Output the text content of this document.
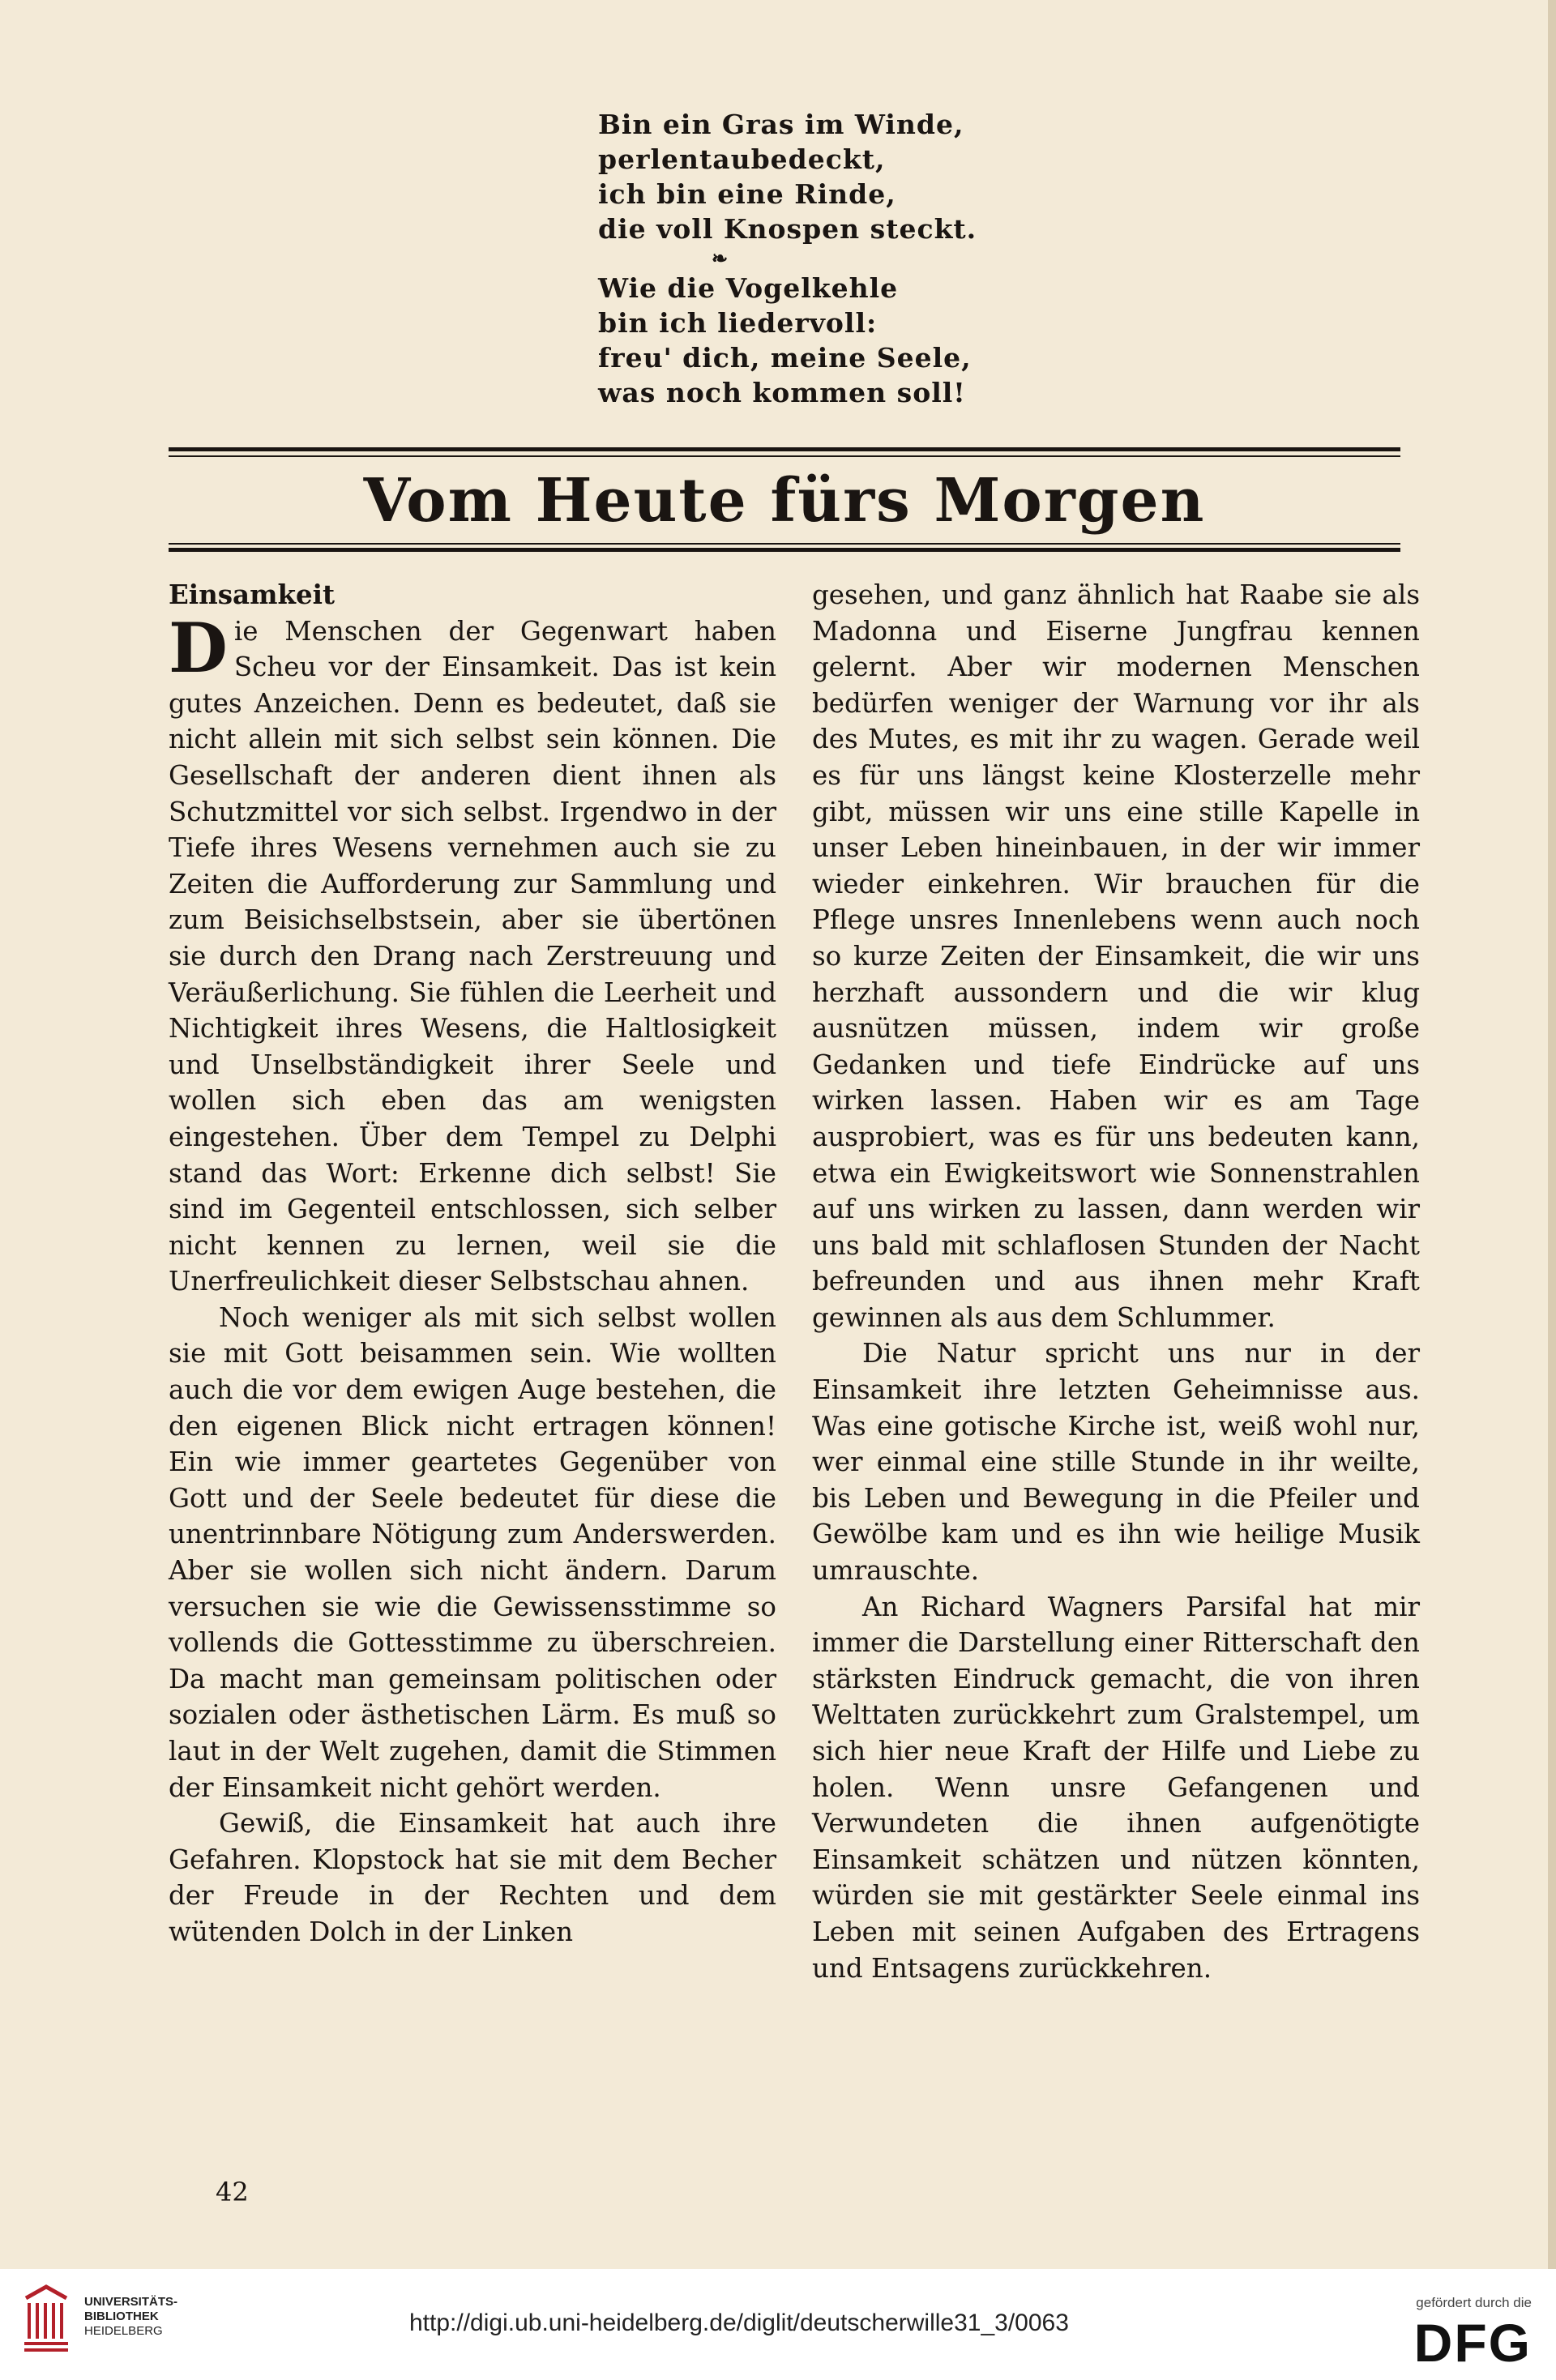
Bin ein Gras im Winde,
perlentaubedeckt,
ich bin eine Rinde,
die voll Knospen steckt.

❧

Wie die Vogelkehle
bin ich liedervoll:
freu' dich, meine Seele,
was noch kommen soll!

Vom Heute fürs Morgen
Einsamkeit

Die Menschen der Gegenwart haben Scheu vor der Einsamkeit. Das ist kein gutes Anzeichen. Denn es bedeutet, daß sie nicht allein mit sich selbst sein können. Die Gesellschaft der anderen dient ihnen als Schutzmittel vor sich selbst. Irgendwo in der Tiefe ihres Wesens vernehmen auch sie zu Zeiten die Aufforderung zur Sammlung und zum Beisichselbstsein, aber sie übertönen sie durch den Drang nach Zerstreuung und Veräußerlichung. Sie fühlen die Leerheit und Nichtigkeit ihres Wesens, die Haltlosigkeit und Unselbständigkeit ihrer Seele und wollen sich eben das am wenigsten eingestehen. Über dem Tempel zu Delphi stand das Wort: Erkenne dich selbst! Sie sind im Gegenteil entschlossen, sich selber nicht kennen zu lernen, weil sie die Unerfreulichkeit dieser Selbstschau ahnen.

Noch weniger als mit sich selbst wollen sie mit Gott beisammen sein. Wie wollten auch die vor dem ewigen Auge bestehen, die den eigenen Blick nicht ertragen können! Ein wie immer geartetes Gegenüber von Gott und der Seele bedeutet für diese die unentrinnbare Nötigung zum Anderswerden. Aber sie wollen sich nicht ändern. Darum versuchen sie wie die Gewissensstimme so vollends die Gottesstimme zu überschreien. Da macht man gemeinsam politischen oder sozialen oder ästhetischen Lärm. Es muß so laut in der Welt zugehen, damit die Stimmen der Einsamkeit nicht gehört werden.

Gewiß, die Einsamkeit hat auch ihre Gefahren. Klopstock hat sie mit dem Becher der Freude in der Rechten und dem wütenden Dolch in der Linken

gesehen, und ganz ähnlich hat Raabe sie als Madonna und Eiserne Jungfrau kennen gelernt. Aber wir modernen Menschen bedürfen weniger der Warnung vor ihr als des Mutes, es mit ihr zu wagen. Gerade weil es für uns längst keine Klosterzelle mehr gibt, müssen wir uns eine stille Kapelle in unser Leben hineinbauen, in der wir immer wieder einkehren. Wir brauchen für die Pflege unsres Innenlebens wenn auch noch so kurze Zeiten der Einsamkeit, die wir uns herzhaft aussondern und die wir klug ausnützen müssen, indem wir große Gedanken und tiefe Eindrücke auf uns wirken lassen. Haben wir es am Tage ausprobiert, was es für uns bedeuten kann, etwa ein Ewigkeitswort wie Sonnenstrahlen auf uns wirken zu lassen, dann werden wir uns bald mit schlaflosen Stunden der Nacht befreunden und aus ihnen mehr Kraft gewinnen als aus dem Schlummer.

Die Natur spricht uns nur in der Einsamkeit ihre letzten Geheimnisse aus. Was eine gotische Kirche ist, weiß wohl nur, wer einmal eine stille Stunde in ihr weilte, bis Leben und Bewegung in die Pfeiler und Gewölbe kam und es ihn wie heilige Musik umrauschte.

An Richard Wagners Parsifal hat mir immer die Darstellung einer Ritterschaft den stärksten Eindruck gemacht, die von ihren Welttaten zurückkehrt zum Gralstempel, um sich hier neue Kraft der Hilfe und Liebe zu holen. Wenn unsre Gefangenen und Verwundeten die ihnen aufgenötigte Einsamkeit schätzen und nützen könnten, würden sie mit gestärkter Seele einmal ins Leben mit seinen Aufgaben des Ertragens und Entsagens zurückkehren.

42
UNIVERSITÄTS-
BIBLIOTHEK
HEIDELBERG	http://digi.ub.uni-heidelberg.de/diglit/deutscherwille31_3/0063
gefördert durch die
DFG
